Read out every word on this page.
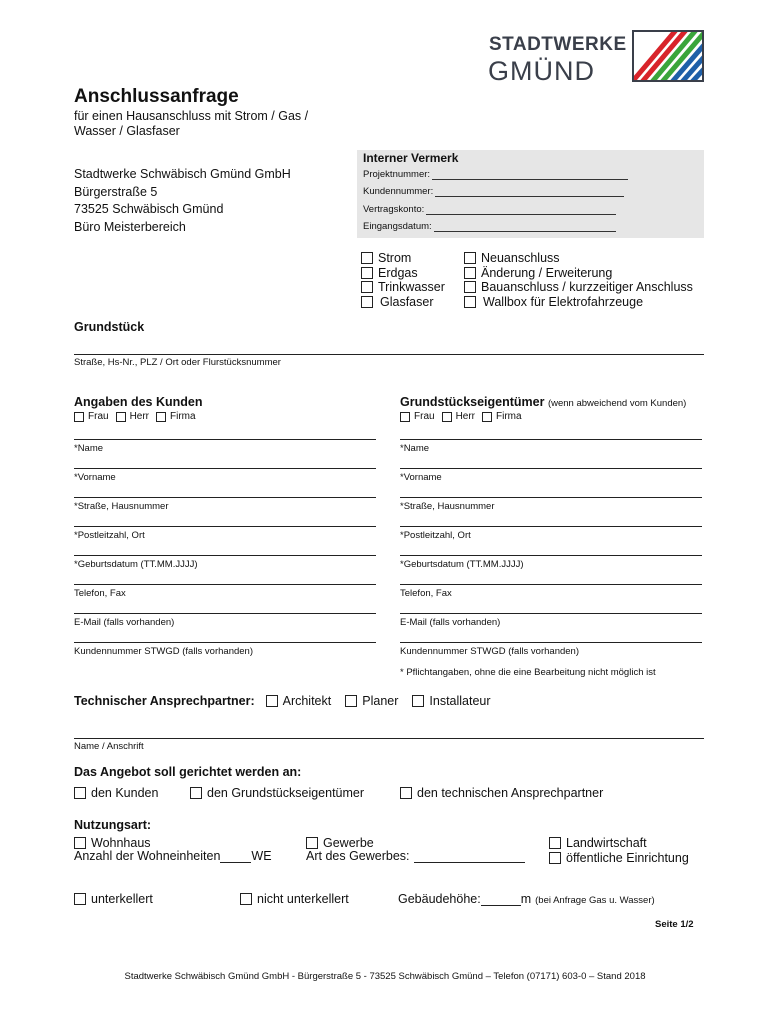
STADTWERKE
GMÜND
Anschlussanfrage
für einen Hausanschluss mit Strom / Gas /
Wasser / Glasfaser
Stadtwerke Schwäbisch Gmünd GmbH
Bürgerstraße 5
73525 Schwäbisch Gmünd
Büro Meisterbereich
Interner Vermerk
Projektnummer:
Kundennummer:
Vertragskonto:
Eingangsdatum:
Strom
Erdgas
Trinkwasser
Glasfaser
Neuanschluss
Änderung / Erweiterung
Bauanschluss / kurzzeitiger Anschluss
Wallbox für Elektrofahrzeuge
Grundstück
Straße, Hs-Nr., PLZ / Ort oder Flurstücksnummer
Angaben des Kunden
Frau Herr Firma
Grundstückseigentümer (wenn abweichend vom Kunden)
Frau Herr Firma
*Name
*Vorname
*Straße, Hausnummer
*Postleitzahl, Ort
*Geburtsdatum (TT.MM.JJJJ)
Telefon, Fax
E-Mail (falls vorhanden)
Kundennummer STWGD (falls vorhanden)
*Name
*Vorname
*Straße, Hausnummer
*Postleitzahl, Ort
*Geburtsdatum (TT.MM.JJJJ)
Telefon, Fax
E-Mail (falls vorhanden)
Kundennummer STWGD (falls vorhanden)
* Pflichtangaben, ohne die eine Bearbeitung nicht möglich ist
Technischer Ansprechpartner: Architekt Planer Installateur
Name / Anschrift
Das Angebot soll gerichtet werden an:
den Kunden	den Grundstückseigentümer	den technischen Ansprechpartner
Nutzungsart:
Wohnhaus
Anzahl der Wohneinheiten WE
Gewerbe
Art des Gewerbes:
Landwirtschaft
öffentliche Einrichtung
unterkellert	nicht unterkellert	Gebäudehöhe:	m (bei Anfrage Gas u. Wasser)
Seite 1/2
Stadtwerke Schwäbisch Gmünd GmbH - Bürgerstraße 5 - 73525 Schwäbisch Gmünd – Telefon (07171) 603-0 – Stand 2018
